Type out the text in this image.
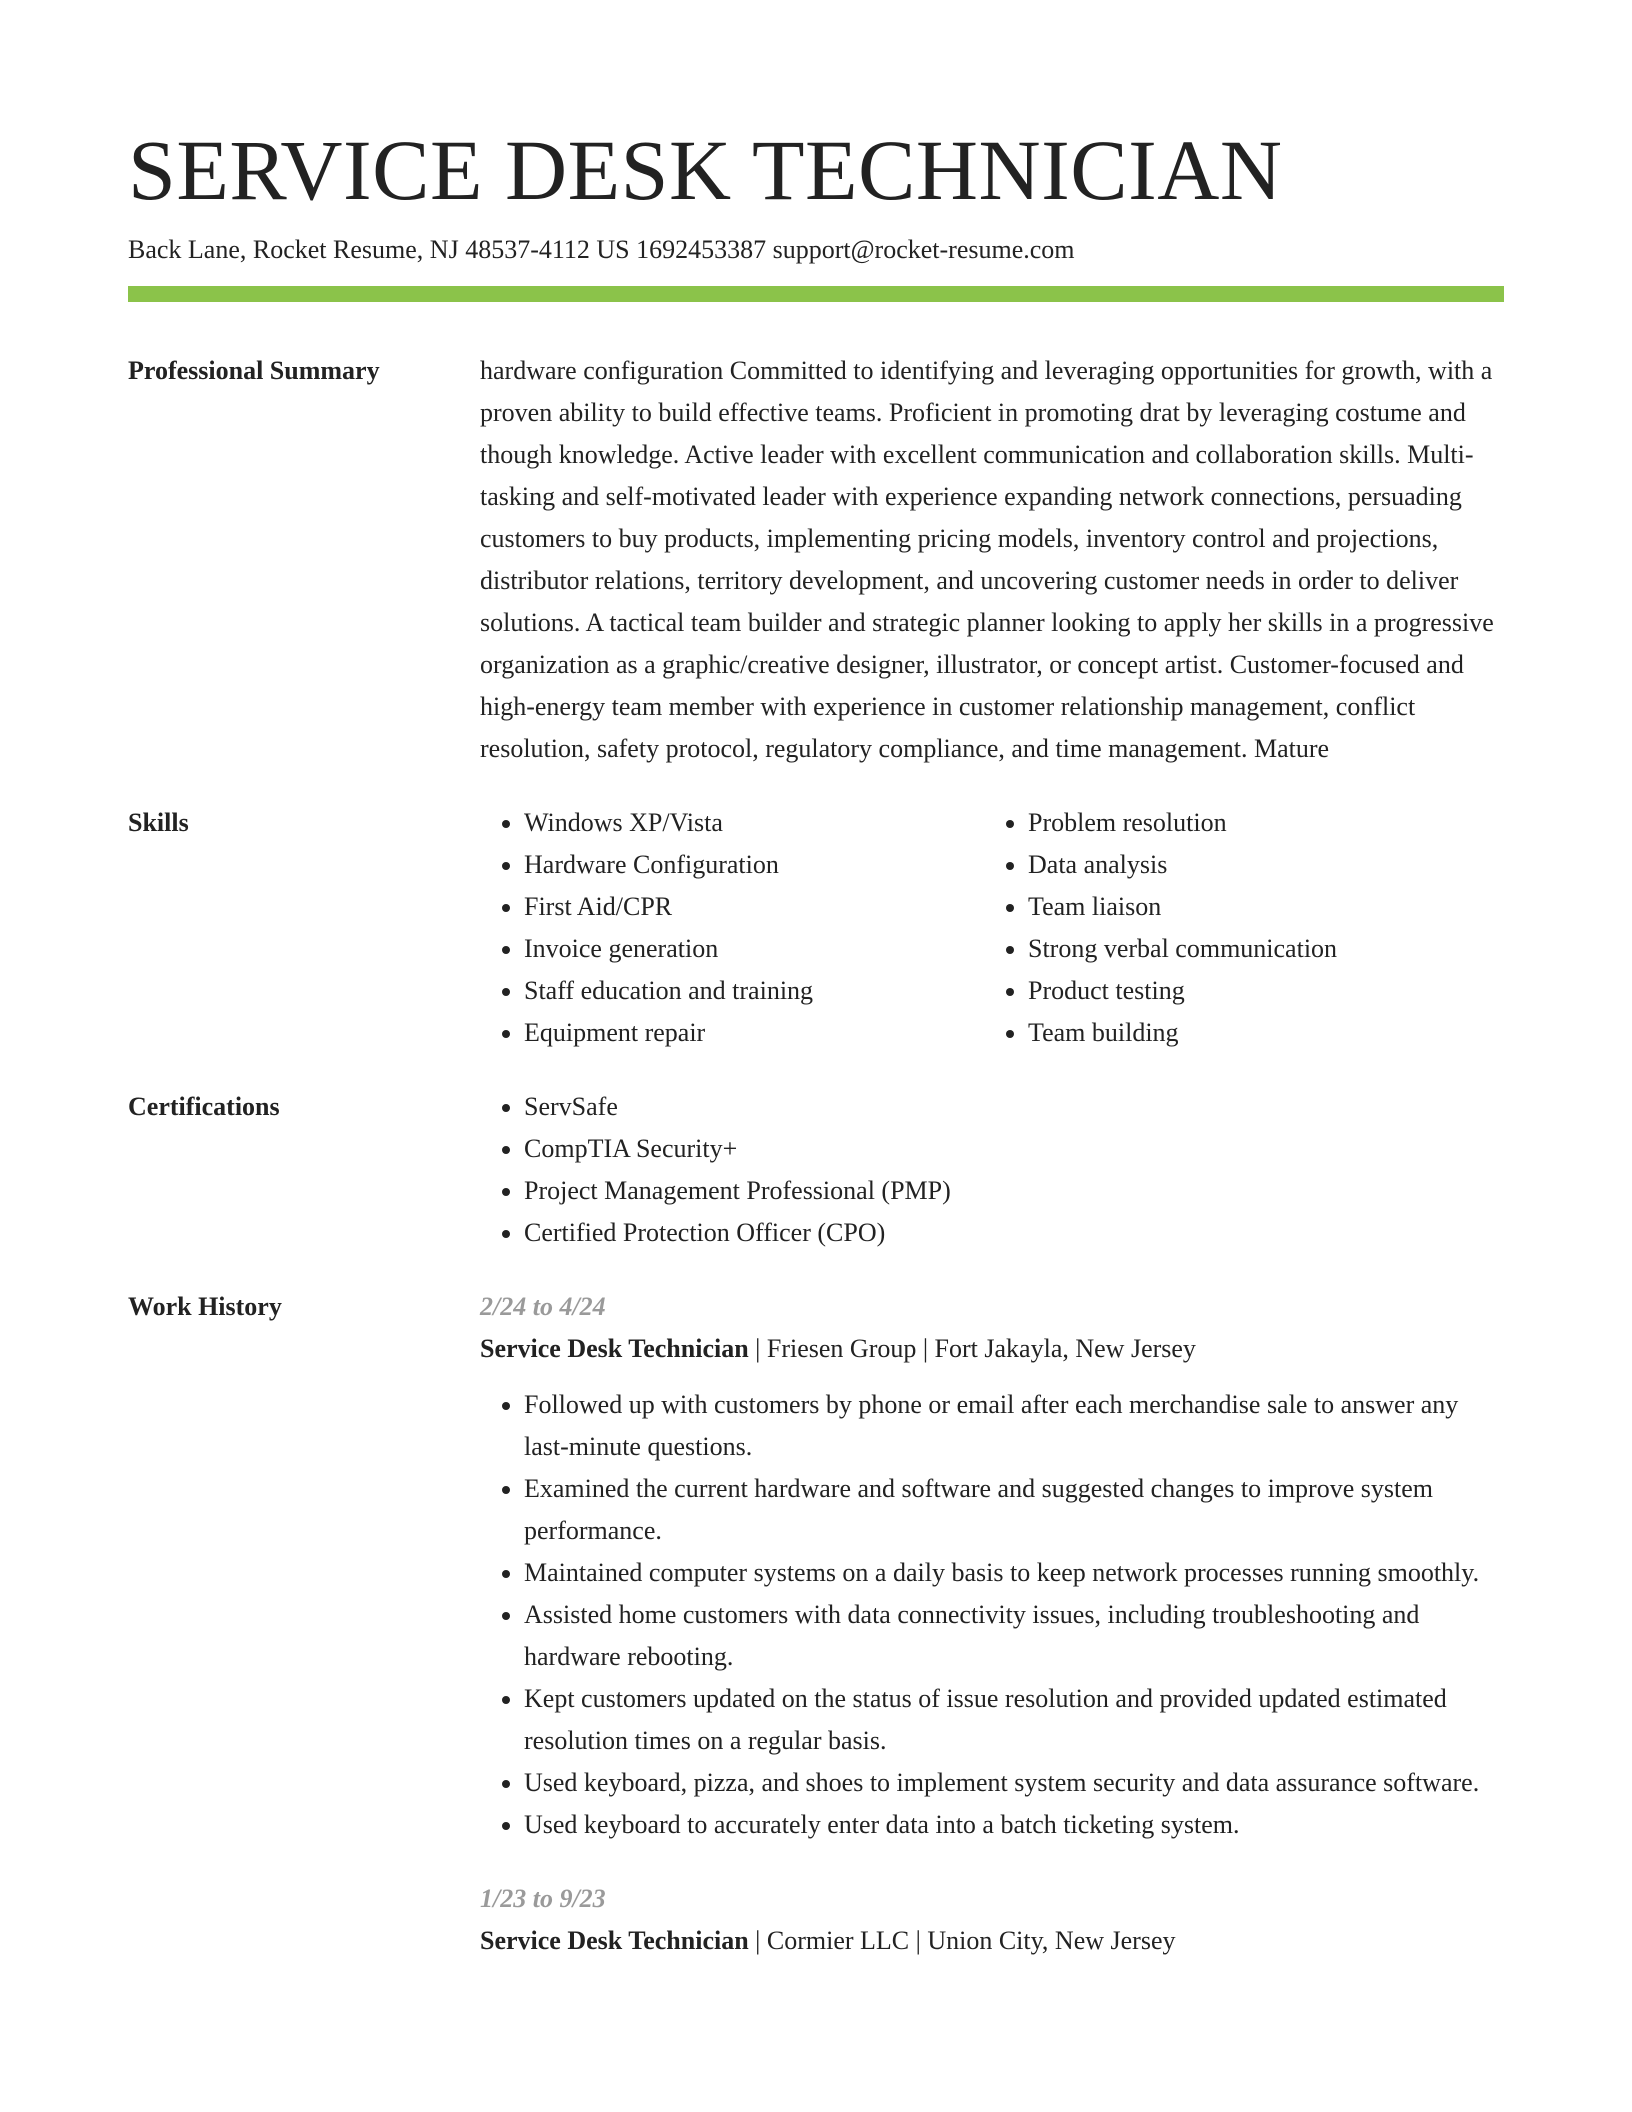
SERVICE DESK TECHNICIAN
Back Lane, Rocket Resume, NJ 48537-4112 US 1692453387 support@rocket-resume.com
Professional Summary	hardware configuration Committed to identifying and leveraging opportunities for growth, with a proven ability to build effective teams. Proficient in promoting drat by leveraging costume and though knowledge. Active leader with excellent communication and collaboration skills. Multi-tasking and self-motivated leader with experience expanding network connections, persuading customers to buy products, implementing pricing models, inventory control and projections, distributor relations, territory development, and uncovering customer needs in order to deliver solutions. A tactical team builder and strategic planner looking to apply her skills in a progressive organization as a graphic/creative designer, illustrator, or concept artist. Customer-focused and high-energy team member with experience in customer relationship management, conflict resolution, safety protocol, regulatory compliance, and time management. Mature

Skills	• Windows XP/Vista
• Hardware Configuration
• First Aid/CPR
• Invoice generation
• Staff education and training
• Equipment repair
• Problem resolution
• Data analysis
• Team liaison
• Strong verbal communication
• Product testing
• Team building
Certifications	• ServSafe
• CompTIA Security+
• Project Management Professional (PMP)
• Certified Protection Officer (CPO)
Work History	2/24 to 4/24
Service Desk Technician | Friesen Group | Fort Jakayla, New Jersey
• Followed up with customers by phone or email after each merchandise sale to answer any last-minute questions.
• Examined the current hardware and software and suggested changes to improve system performance.
• Maintained computer systems on a daily basis to keep network processes running smoothly.
• Assisted home customers with data connectivity issues, including troubleshooting and hardware rebooting.
• Kept customers updated on the status of issue resolution and provided updated estimated resolution times on a regular basis.
• Used keyboard, pizza, and shoes to implement system security and data assurance software.
• Used keyboard to accurately enter data into a batch ticketing system.
1/23 to 9/23
Service Desk Technician | Cormier LLC | Union City, New Jersey
